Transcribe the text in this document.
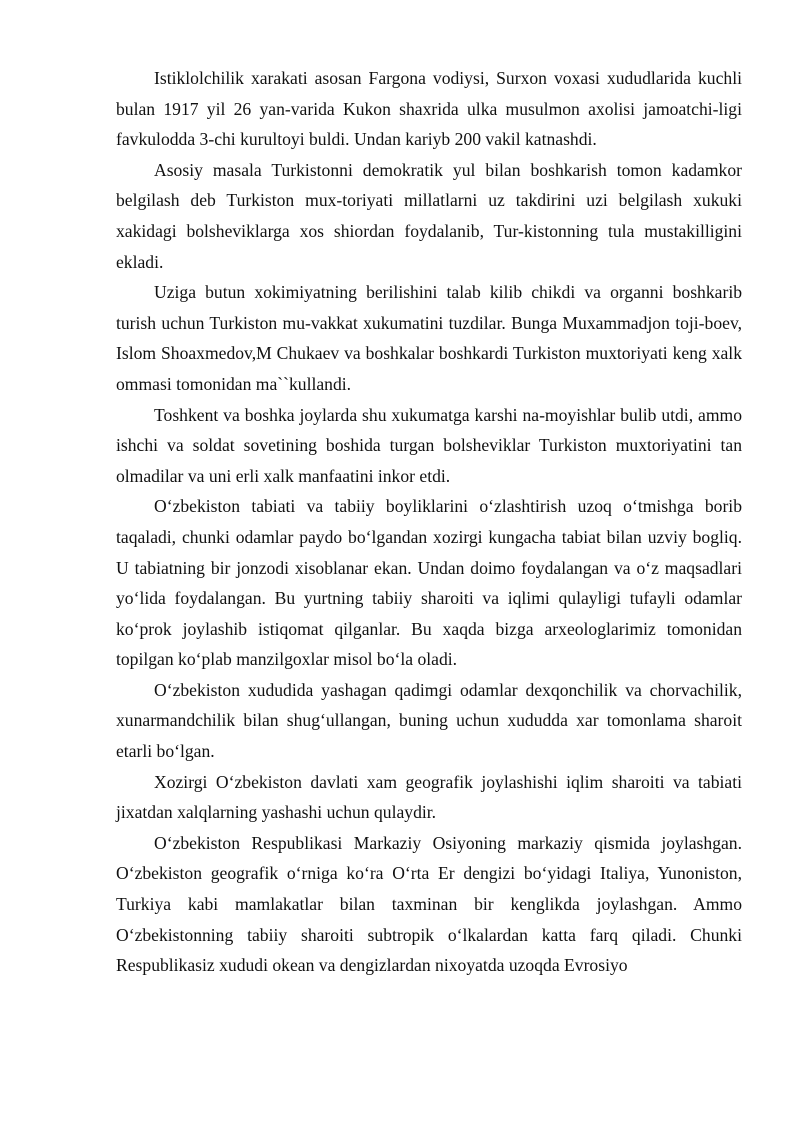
Istiklolchilik xarakati asosan Fargona vodiysi, Surxon voxasi xududlarida kuchli bulan 1917 yil 26 yan-varida Kukon shaxrida ulka musulmon axolisi jamoatchi-ligi favkulodda 3-chi kurultoyi buldi. Undan kariyb 200 vakil katnashdi.

Asosiy masala Turkistonni demokratik yul bilan boshkarish tomon kadamkor belgilash deb Turkiston mux-toriyati millatlarni uz takdirini uzi belgilash xukuki xakidagi bolsheviklarga xos shiordan foydalanib, Tur-kistonning tula mustakilligini ekladi.

Uziga butun xokimiyatning berilishini talab kilib chikdi va organni boshkarib turish uchun Turkiston mu-vakkat xukumatini tuzdilar. Bunga Muxammadjon toji-boev, Islom Shoaxmedov,M Chukaev va boshkalar boshkardi Turkiston muxtoriyati keng xalk ommasi tomonidan ma``kullandi.

Toshkent va boshka joylarda shu xukumatga karshi na-moyishlar bulib utdi, ammo ishchi va soldat sovetining boshida turgan bolsheviklar Turkiston muxtoriyatini tan olmadilar va uni erli xalk manfaatini inkor etdi.

O‘zbekiston tabiati va tabiiy boyliklarini o‘zlashtirish uzoq o‘tmishga borib taqaladi, chunki odamlar paydo bo‘lgandan xozirgi kungacha tabiat bilan uzviy bogliq. U tabiatning bir jonzodi xisoblanar ekan. Undan doimo foydalangan va o‘z maqsadlari yo‘lida foydalangan. Bu yurtning tabiiy sharoiti va iqlimi qulayligi tufayli odamlar ko‘prok joylashib istiqomat qilganlar. Bu xaqda bizga arxeologlarimiz tomonidan topilgan ko‘plab manzilgoxlar misol bo‘la oladi.

O‘zbekiston xududida yashagan qadimgi odamlar dexqonchilik va chorvachilik, xunarmandchilik bilan shug‘ullangan, buning uchun xududda xar tomonlama sharoit etarli bo‘lgan.

Xozirgi O‘zbekiston davlati xam geografik joylashishi iqlim sharoiti va tabiati jixatdan xalqlarning yashashi uchun qulaydir.

O‘zbekiston Respublikasi Markaziy Osiyoning markaziy qismida joylashgan. O‘zbekiston geografik o‘rniga ko‘ra O‘rta Er dengizi bo‘yidagi Italiya, Yunoniston, Turkiya kabi mamlakatlar bilan taxminan bir kenglikda joylashgan. Ammo O‘zbekistonning tabiiy sharoiti subtropik o‘lkalardan katta farq qiladi. Chunki Respublikasiz xududi okean va dengizlardan nixoyatda uzoqda Evrosiyo
